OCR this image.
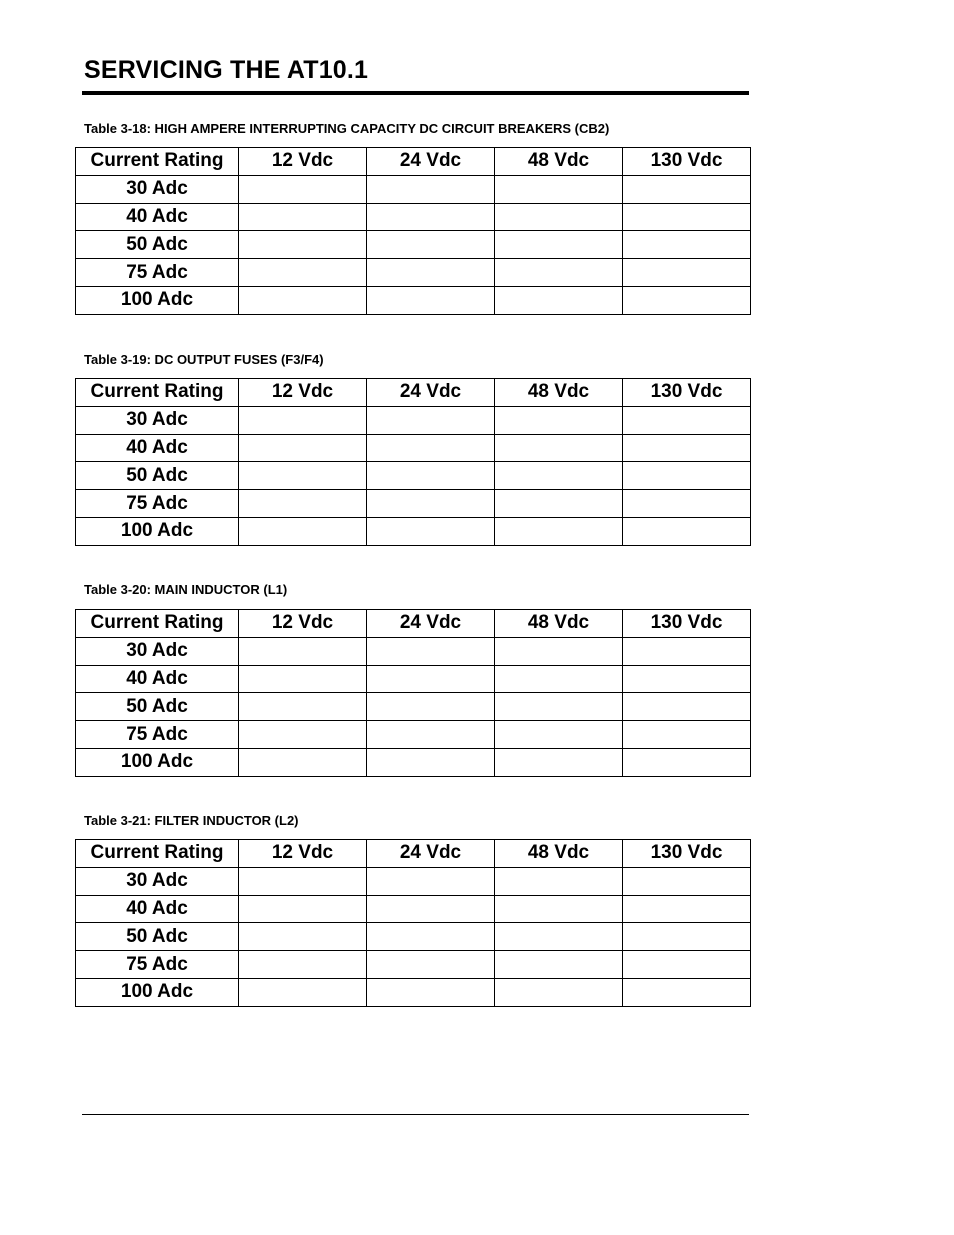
SERVICING THE AT10.1
Table 3-18: HIGH AMPERE INTERRUPTING CAPACITY DC CIRCUIT BREAKERS (CB2)
Current Rating	12 Vdc	24 Vdc	48 Vdc	130 Vdc
30 Adc				
40 Adc				
50 Adc				
75 Adc				
100 Adc				
Table 3-19: DC OUTPUT FUSES (F3/F4)
Current Rating	12 Vdc	24 Vdc	48 Vdc	130 Vdc
30 Adc				
40 Adc				
50 Adc				
75 Adc				
100 Adc				
Table 3-20: MAIN INDUCTOR (L1)
Current Rating	12 Vdc	24 Vdc	48 Vdc	130 Vdc
30 Adc				
40 Adc				
50 Adc				
75 Adc				
100 Adc				
Table 3-21: FILTER INDUCTOR (L2)
Current Rating	12 Vdc	24 Vdc	48 Vdc	130 Vdc
30 Adc				
40 Adc				
50 Adc				
75 Adc				
100 Adc				
